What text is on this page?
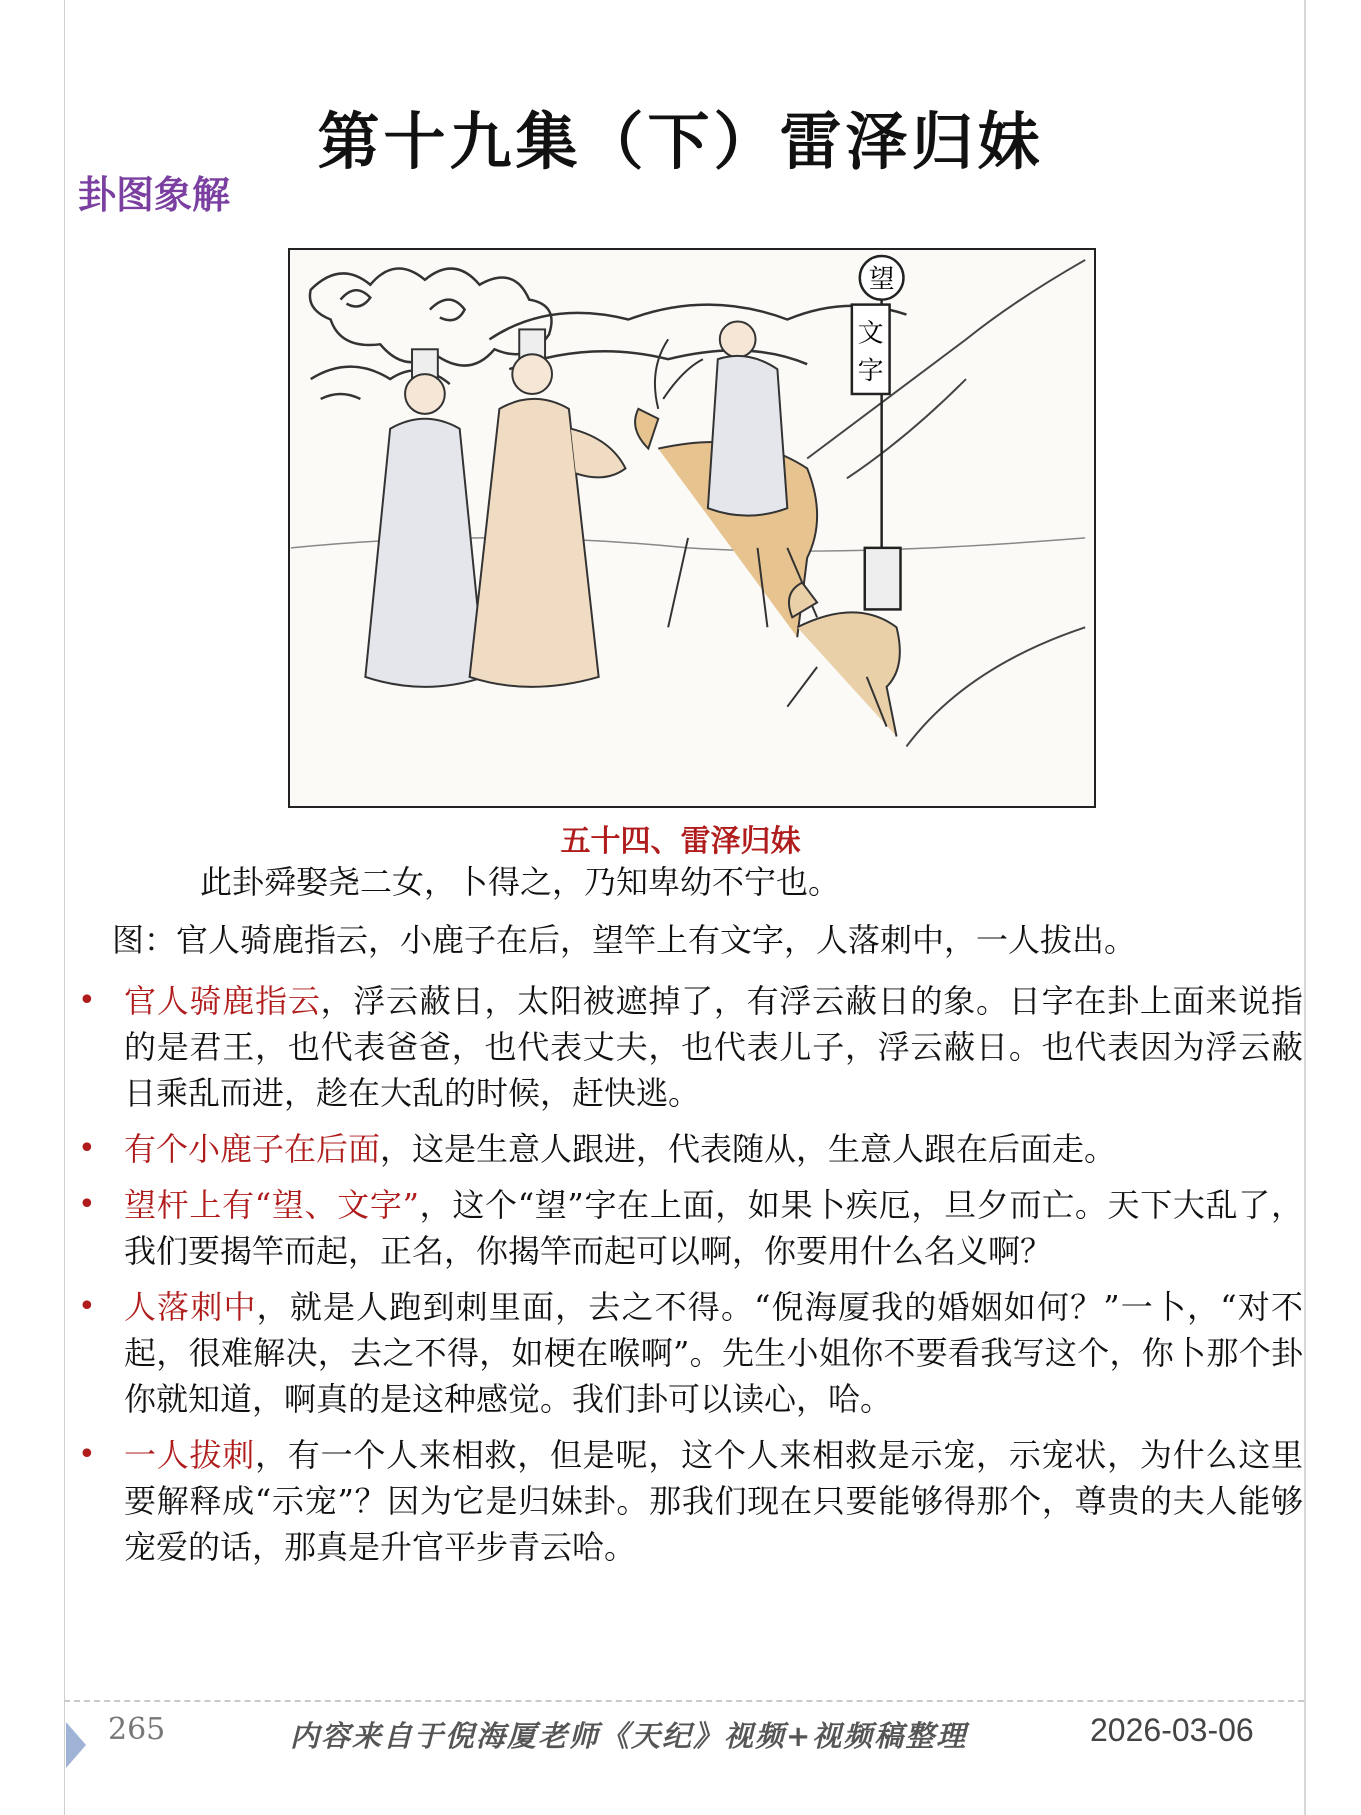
第十九集（下）雷泽归妹
卦图象解
望
文
字
五十四、雷泽归妹
此卦舜娶尧二女，卜得之，乃知卑幼不宁也。
图：官人骑鹿指云，小鹿子在后，望竿上有文字，人落刺中，一人拔出。
• 官人骑鹿指云，浮云蔽日，太阳被遮掉了，有浮云蔽日的象。日字在卦上面来说指的是君王，也代表爸爸，也代表丈夫，也代表儿子，浮云蔽日。也代表因为浮云蔽日乘乱而进，趁在大乱的时候，赶快逃。
• 有个小鹿子在后面，这是生意人跟进，代表随从，生意人跟在后面走。
• 望杆上有“望、文字”，这个“望”字在上面，如果卜疾厄，旦夕而亡。天下大乱了，我们要揭竿而起，正名，你揭竿而起可以啊，你要用什么名义啊？
• 人落刺中，就是人跑到刺里面，去之不得。“倪海厦我的婚姻如何？”一卜，“对不起，很难解决，去之不得，如梗在喉啊”。先生小姐你不要看我写这个，你卜那个卦你就知道，啊真的是这种感觉。我们卦可以读心，哈。
• 一人拔刺，有一个人来相救，但是呢，这个人来相救是示宠，示宠状，为什么这里要解释成“示宠”？因为它是归妹卦。那我们现在只要能够得那个，尊贵的夫人能够宠爱的话，那真是升官平步青云哈。
265	内容来自于倪海厦老师《天纪》视频+视频稿整理	2026-03-06
